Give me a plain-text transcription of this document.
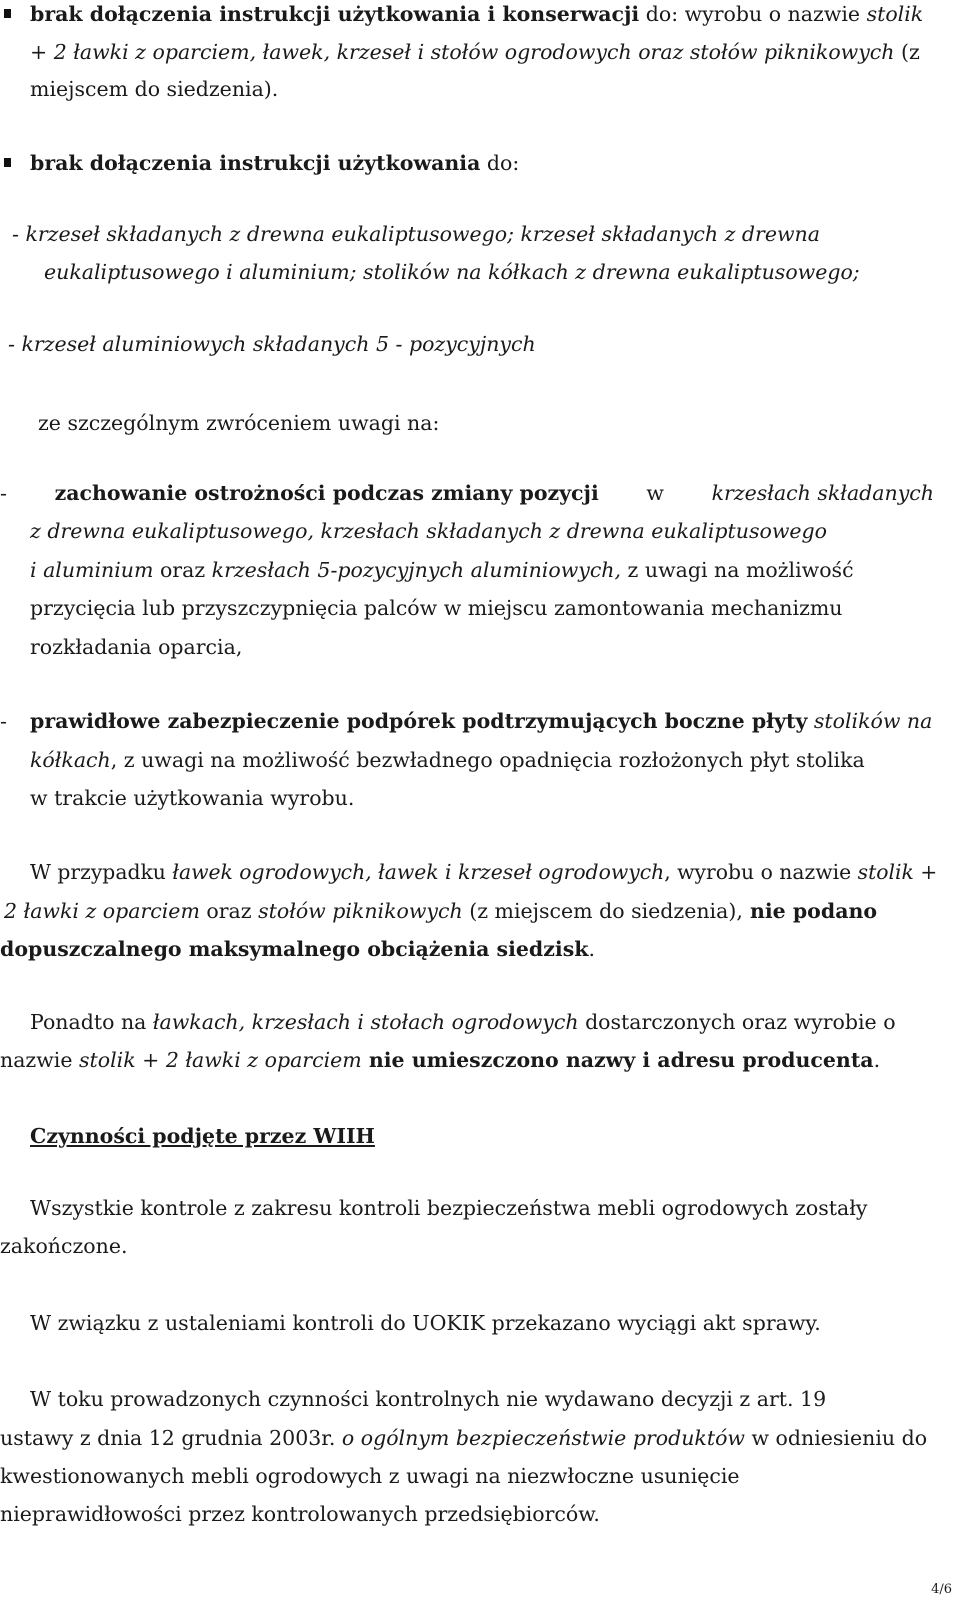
brak dołączenia instrukcji użytkowania i konserwacji do: wyrobu o nazwie stolik
+ 2 ławki z oparciem, ławek, krzeseł i stołów ogrodowych oraz stołów piknikowych (z
miejscem do siedzenia).
brak dołączenia instrukcji użytkowania do:
- krzeseł składanych z drewna eukaliptusowego; krzeseł składanych z drewna
eukaliptusowego i aluminium; stolików na kółkach z drewna eukaliptusowego;
- krzeseł aluminiowych składanych 5 - pozycyjnych
ze szczególnym zwróceniem uwagi na:
- zachowanie ostrożności podczas zmiany pozycji w krzesłach składanych
z drewna eukaliptusowego, krzesłach składanych z drewna eukaliptusowego
i aluminium oraz krzesłach 5-pozycyjnych aluminiowych, z uwagi na możliwość
przycięcia lub przyszczypnięcia palców w miejscu zamontowania mechanizmu
rozkładania oparcia,
- prawidłowe zabezpieczenie podpórek podtrzymujących boczne płyty stolików na
kółkach, z uwagi na możliwość bezwładnego opadnięcia rozłożonych płyt stolika
w trakcie użytkowania wyrobu.
W przypadku ławek ogrodowych, ławek i krzeseł ogrodowych, wyrobu o nazwie stolik +
2 ławki z oparciem oraz stołów piknikowych (z miejscem do siedzenia), nie podano
dopuszczalnego maksymalnego obciążenia siedzisk.
Ponadto na ławkach, krzesłach i stołach ogrodowych dostarczonych oraz wyrobie o
nazwie stolik + 2 ławki z oparciem nie umieszczono nazwy i adresu producenta.
Czynności podjęte przez WIIH
Wszystkie kontrole z zakresu kontroli bezpieczeństwa mebli ogrodowych zostały
zakończone.
W związku z ustaleniami kontroli do UOKIK przekazano wyciągi akt sprawy.
W toku prowadzonych czynności kontrolnych nie wydawano decyzji z art. 19
ustawy z dnia 12 grudnia 2003r. o ogólnym bezpieczeństwie produktów w odniesieniu do
kwestionowanych mebli ogrodowych z uwagi na niezwłoczne usunięcie
nieprawidłowości przez kontrolowanych przedsiębiorców.
4/6
